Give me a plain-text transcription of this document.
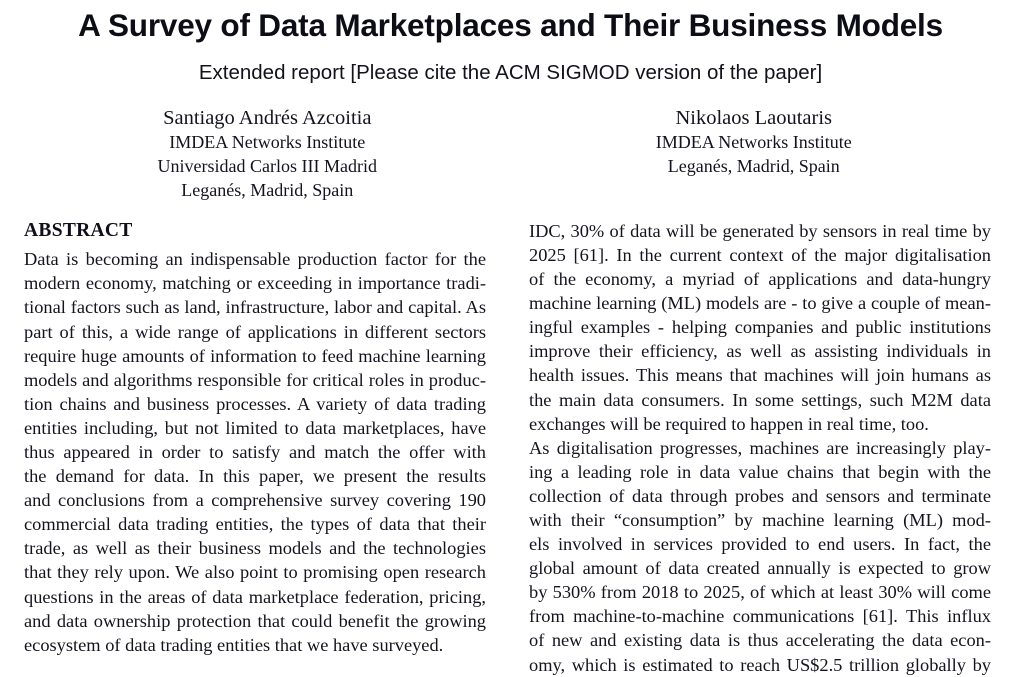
A Survey of Data Marketplaces and Their Business Models
Extended report [Please cite the ACM SIGMOD version of the paper]
Santiago Andrés Azcoitia
IMDEA Networks Institute
Universidad Carlos III Madrid
Leganés, Madrid, Spain
Nikolaos Laoutaris
IMDEA Networks Institute
Leganés, Madrid, Spain
ABSTRACT
Data is becoming an indispensable production factor for the
modern economy, matching or exceeding in importance tradi-
tional factors such as land, infrastructure, labor and capital. As
part of this, a wide range of applications in different sectors
require huge amounts of information to feed machine learning
models and algorithms responsible for critical roles in produc-
tion chains and business processes. A variety of data trading
entities including, but not limited to data marketplaces, have
thus appeared in order to satisfy and match the offer with
the demand for data. In this paper, we present the results
and conclusions from a comprehensive survey covering 190
commercial data trading entities, the types of data that their
trade, as well as their business models and the technologies
that they rely upon. We also point to promising open research
questions in the areas of data marketplace federation, pricing,
and data ownership protection that could benefit the growing
ecosystem of data trading entities that we have surveyed.
IDC, 30% of data will be generated by sensors in real time by
2025 [61]. In the current context of the major digitalisation
of the economy, a myriad of applications and data-hungry
machine learning (ML) models are - to give a couple of mean-
ingful examples - helping companies and public institutions
improve their efficiency, as well as assisting individuals in
health issues. This means that machines will join humans as
the main data consumers. In some settings, such M2M data
exchanges will be required to happen in real time, too.
As digitalisation progresses, machines are increasingly play-
ing a leading role in data value chains that begin with the
collection of data through probes and sensors and terminate
with their “consumption” by machine learning (ML) mod-
els involved in services provided to end users. In fact, the
global amount of data created annually is expected to grow
by 530% from 2018 to 2025, of which at least 30% will come
from machine-to-machine communications [61]. This influx
of new and existing data is thus accelerating the data econ-
omy, which is estimated to reach US$2.5 trillion globally by
